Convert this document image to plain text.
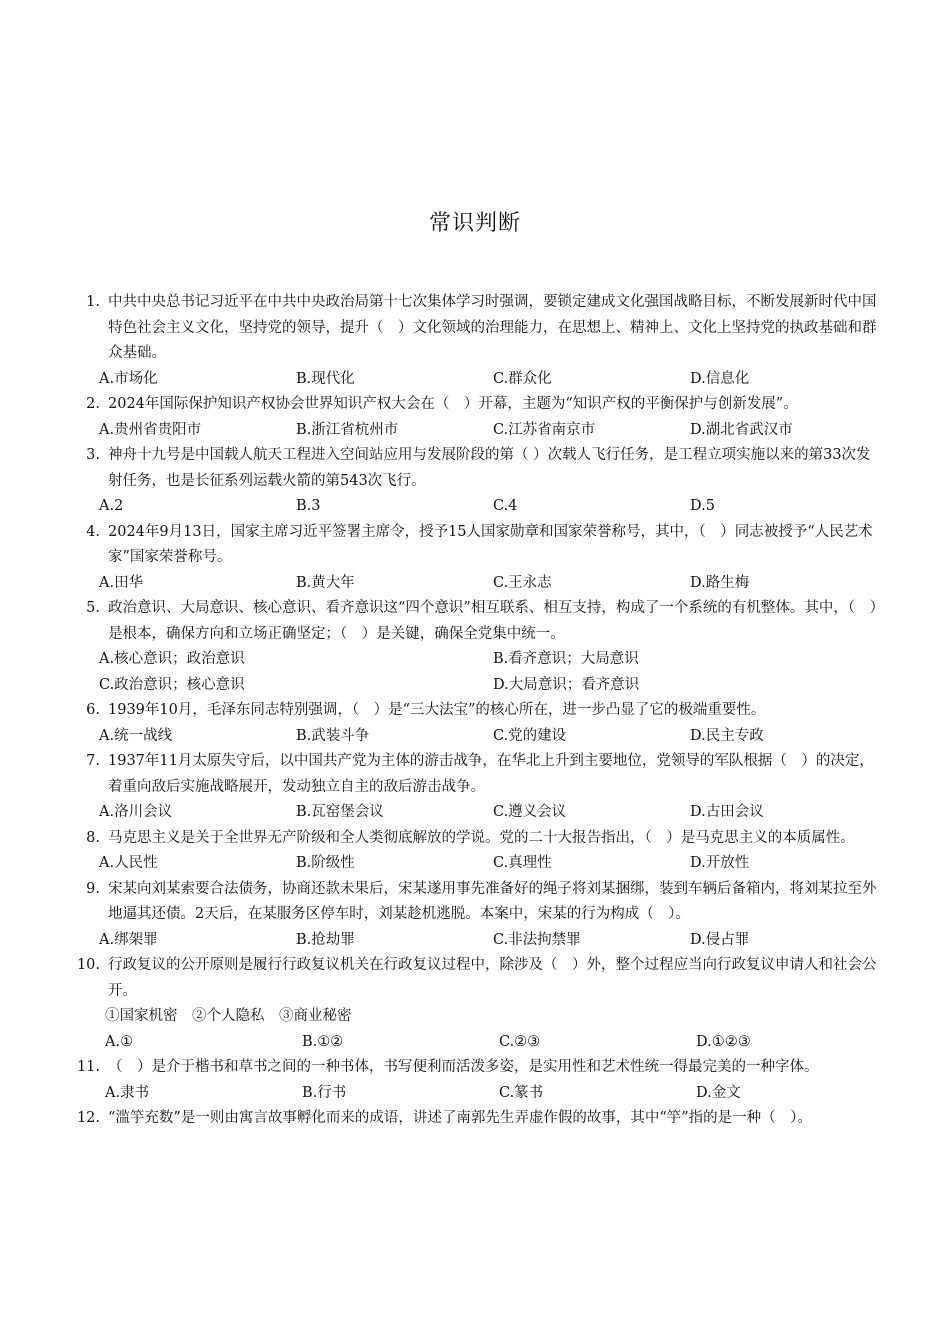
常识判断
1. 中共中央总书记习近平在中共中央政治局第十七次集体学习时强调，要锁定建成文化强国战略目标，不断发展新时代中国特色社会主义文化，坚持党的领导，提升（　）文化领域的治理能力，在思想上、精神上、文化上坚持党的执政基础和群众基础。
A.市场化	B.现代化	C.群众化	D.信息化
2. 2024年国际保护知识产权协会世界知识产权大会在（　）开幕，主题为“知识产权的平衡保护与创新发展”。
A.贵州省贵阳市	B.浙江省杭州市	C.江苏省南京市	D.湖北省武汉市
3. 神舟十九号是中国载人航天工程进入空间站应用与发展阶段的第（ ）次载人飞行任务，是工程立项实施以来的第33次发射任务，也是长征系列运载火箭的第543次飞行。
A.2	B.3	C.4	D.5
4. 2024年9月13日，国家主席习近平签署主席令，授予15人国家勋章和国家荣誉称号，其中，（　）同志被授予“人民艺术家”国家荣誉称号。
A.田华	B.黄大年	C.王永志	D.路生梅
5. 政治意识、大局意识、核心意识、看齐意识这“四个意识”相互联系、相互支持，构成了一个系统的有机整体。其中，（　）是根本，确保方向和立场正确坚定；（　）是关键，确保全党集中统一。
A.核心意识；政治意识	B.看齐意识；大局意识
C.政治意识；核心意识	D.大局意识；看齐意识
6. 1939年10月，毛泽东同志特别强调，（　）是“三大法宝”的核心所在，进一步凸显了它的极端重要性。
A.统一战线	B.武装斗争	C.党的建设	D.民主专政
7. 1937年11月太原失守后，以中国共产党为主体的游击战争，在华北上升到主要地位，党领导的军队根据（　）的决定，着重向敌后实施战略展开，发动独立自主的敌后游击战争。
A.洛川会议	B.瓦窑堡会议	C.遵义会议	D.古田会议
8. 马克思主义是关于全世界无产阶级和全人类彻底解放的学说。党的二十大报告指出，（　）是马克思主义的本质属性。
A.人民性	B.阶级性	C.真理性	D.开放性
9. 宋某向刘某索要合法债务，协商还款未果后，宋某遂用事先准备好的绳子将刘某捆绑，装到车辆后备箱内，将刘某拉至外地逼其还债。2天后，在某服务区停车时，刘某趁机逃脱。本案中，宋某的行为构成（　）。
A.绑架罪	B.抢劫罪	C.非法拘禁罪	D.侵占罪
10. 行政复议的公开原则是履行行政复议机关在行政复议过程中，除涉及（　）外，整个过程应当向行政复议申请人和社会公开。
①国家机密　②个人隐私　③商业秘密
A.①	B.①②	C.②③	D.①②③
11. （　）是介于楷书和草书之间的一种书体，书写便利而活泼多姿，是实用性和艺术性统一得最完美的一种字体。
A.隶书	B.行书	C.篆书	D.金文
12. “滥竽充数”是一则由寓言故事孵化而来的成语，讲述了南郭先生弄虚作假的故事，其中“竽”指的是一种（　）。
